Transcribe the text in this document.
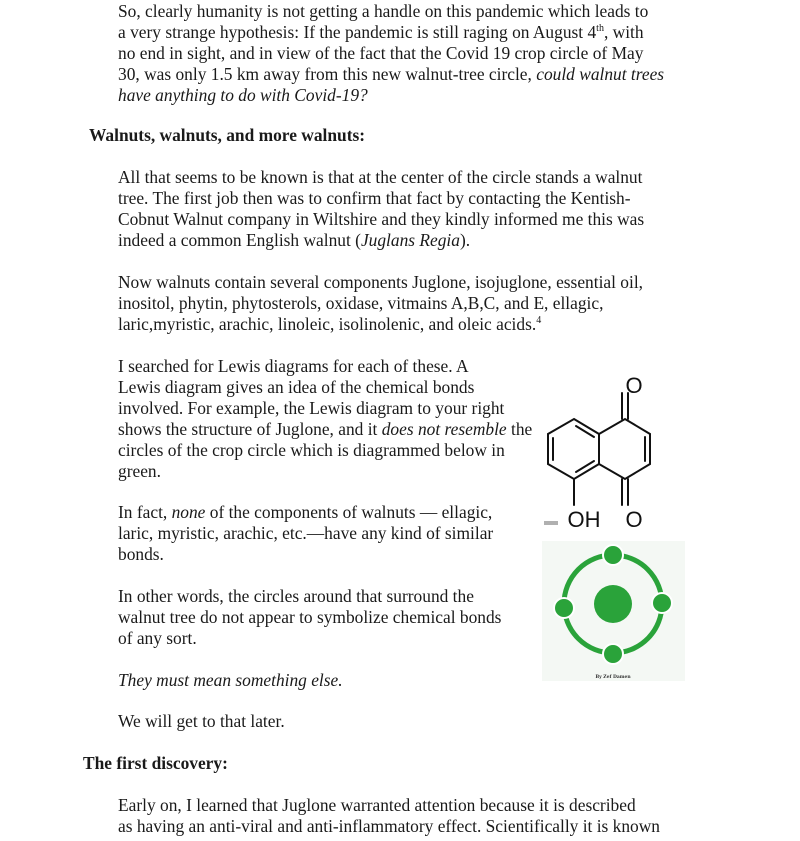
So, clearly humanity is not getting a handle on this pandemic which leads to
a very strange hypothesis: If the pandemic is still raging on August 4th, with
no end in sight, and in view of the fact that the Covid 19 crop circle of May
30, was only 1.5 km away from this new walnut-tree circle, could walnut trees
have anything to do with Covid-19?

Walnuts, walnuts, and more walnuts:

All that seems to be known is that at the center of the circle stands a walnut
tree. The first job then was to confirm that fact by contacting the Kentish-
Cobnut Walnut company in Wiltshire and they kindly informed me this was
indeed a common English walnut (Juglans Regia).

Now walnuts contain several components Juglone, isojuglone, essential oil,
inositol, phytin, phytosterols, oxidase, vitmains A,B,C, and E, ellagic,
laric,myristic, arachic, linoleic, isolinolenic, and oleic acids.$^4$

I searched for Lewis diagrams for each of these. A
Lewis diagram gives an idea of the chemical bonds
involved. For example, the Lewis diagram to your right
shows the structure of Juglone, and it does not resemble the
circles of the crop circle which is diagrammed below in
green.

In fact, none of the components of walnuts — ellagic,
laric, myristic, arachic, etc.—have any kind of similar
bonds.

In other words, the circles around that surround the
walnut tree do not appear to symbolize chemical bonds
of any sort.

They must mean something else.

We will get to that later.

The first discovery:

Early on, I learned that Juglone warranted attention because it is described
as having an anti-viral and anti-inflammatory effect. Scientifically it is known

O
OH O
By Zef Damen
